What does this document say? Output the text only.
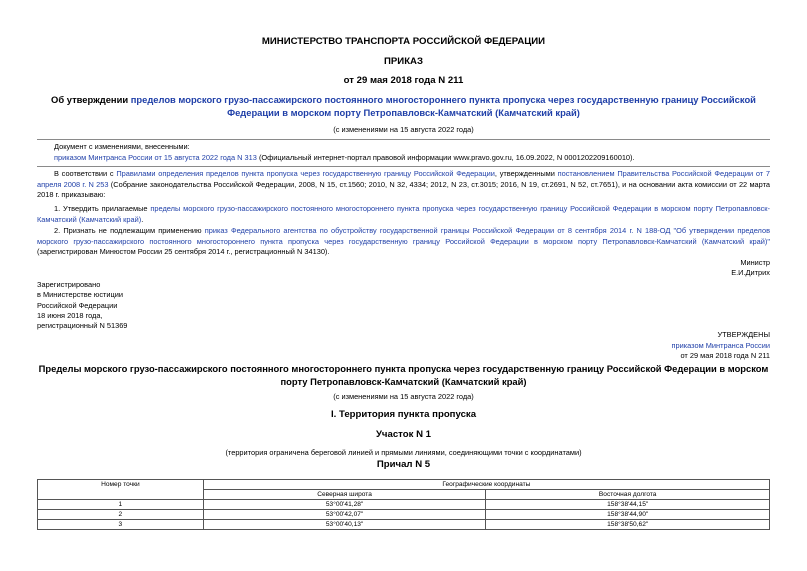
МИНИСТЕРСТВО ТРАНСПОРТА РОССИЙСКОЙ ФЕДЕРАЦИИ
ПРИКАЗ
от 29 мая 2018 года N 211
Об утверждении пределов морского грузо-пассажирского постоянного многостороннего пункта пропуска через государственную границу Российской Федерации в морском порту Петропавловск-Камчатский (Камчатский край)
(с изменениями на 15 августа 2022 года)
Документ с изменениями, внесенными:
приказом Минтранса России от 15 августа 2022 года N 313 (Официальный интернет-портал правовой информации www.pravo.gov.ru, 16.09.2022, N 0001202209160010).
В соответствии с Правилами определения пределов пункта пропуска через государственную границу Российской Федерации, утвержденными постановлением Правительства Российской Федерации от 7 апреля 2008 г. N 253 (Собрание законодательства Российской Федерации, 2008, N 15, ст.1560; 2010, N 32, 4334; 2012, N 23, ст.3015; 2016, N 19, ст.2691, N 52, ст.7651), и на основании акта комиссии от 22 марта 2018 г. приказываю:
1. Утвердить прилагаемые пределы морского грузо-пассажирского постоянного многостороннего пункта пропуска через государственную границу Российской Федерации в морском порту Петропавловск-Камчатский (Камчатский край).
2. Признать не подлежащим применению приказ Федерального агентства по обустройству государственной границы Российской Федерации от 8 сентября 2014 г. N 188-ОД "Об утверждении пределов морского грузо-пассажирского постоянного многостороннего пункта пропуска через государственную границу Российской Федерации в морском порту Петропавловск-Камчатский (Камчатский край)" (зарегистрирован Минюстом России 25 сентября 2014 г., регистрационный N 34130).
Министр
Е.И.Дитрих
Зарегистрировано
в Министерстве юстиции
Российской Федерации
18 июня 2018 года,
регистрационный N 51369
УТВЕРЖДЕНЫ
приказом Минтранса России
от 29 мая 2018 года N 211
Пределы морского грузо-пассажирского постоянного многостороннего пункта пропуска через государственную границу Российской Федерации в морском порту Петропавловск-Камчатский (Камчатский край)
(с изменениями на 15 августа 2022 года)
I. Территория пункта пропуска
Участок N 1
(территория ограничена береговой линией и прямыми линиями, соединяющими точки с координатами)
Причал N 5
Номер точки	Географические координаты	
	Северная широта	Восточная долгота
1	53°00'41,28"	158°38'44,15"
2	53°00'42,07"	158°38'44,90"
3	53°00'40,13"	158°38'50,62"
